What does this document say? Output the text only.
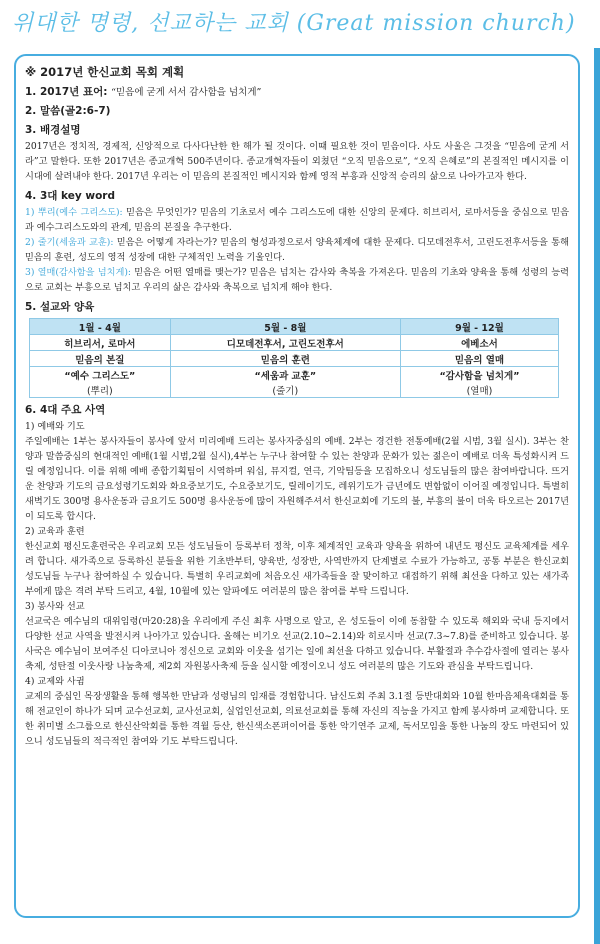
위대한 명령, 선교하는 교회 (Great mission church)
※ 2017년 한신교회 목회 계획
1. 2017년 표어: “믿음에 굳게 서서 감사함을 넘치게”
2. 말씀(골2:6-7)
3. 배경설명

2017년은 정치적, 경제적, 신앙적으로 다사다난한 한 해가 될 것이다. 이때 필요한 것이 믿음이다. 사도 사울은 그것을 “믿음에 굳게 서라”고 말한다. 또한 2017년은 종교개혁 500주년이다. 종교개혁자들이 외쳤던 “오직 믿음으로”, “오직 은혜로”의 본질적인 메시지를 이 시대에 살려내야 한다. 2017년 우리는 이 믿음의 본질적인 메시지와 함께 영적 부흥과 신앙적 승리의 삶으로 나아가고자 한다.

4. 3대 key word

1) 뿌리(예수 그리스도): 믿음은 무엇인가? 믿음의 기초로서 예수 그리스도에 대한 신앙의 문제다. 히브리서, 로마서등을 중심으로 믿음과 예수그리스도와의 관계, 믿음의 본질을 추구한다.

2) 줄기(세움과 교훈): 믿음은 어떻게 자라는가? 믿음의 형성과정으로서 양육체계에 대한 문제다. 디모데전후서, 고린도전후서등을 통해 믿음의 훈련, 성도의 영적 성장에 대한 구체적인 노력을 기울인다.

3) 열매(감사함을 넘치게): 믿음은 어떤 열매를 맺는가? 믿음은 넘치는 감사와 축복을 가져온다. 믿음의 기초와 양육을 통해 성령의 능력으로 교회는 부흥으로 넘치고 우리의 삶은 감사와 축복으로 넘치게 해야 한다.

5. 설교와 양육
1월 - 4월	5월 - 8월	9월 - 12월
히브리서, 로마서	디모데전후서, 고린도전후서	에베소서
믿음의 본질	믿음의 훈련	믿음의 열매
“예수 그리스도”	“세움과 교훈”	“감사함을 넘치게”
(뿌리)	(줄기)	(열매)
6. 4대 주요 사역
1) 예배와 기도

주일예배는 1부는 봉사자들이 봉사에 앞서 미리예배 드리는 봉사자중심의 예배. 2부는 경건한 전통예배(2월 시범, 3월 실시). 3부는 찬양과 말씀중심의 현대적인 예배(1월 시범,2월 실시),4부는 누구나 참여할 수 있는 찬양과 문화가 있는 젊은이 예배로 더욱 특성화시켜 드릴 예정입니다. 이를 위해 예배 종합기획팀이 시역하며 워십, 뮤지컬, 연극, 기악팀등을 모집하오니 성도님들의 많은 참여바랍니다. 뜨거운 찬양과 기도의 금요성령기도회와 화요중보기도, 수요중보기도, 릴레이기도, 레위기도가 금년에도 변함없이 이어질 예정입니다. 특별히 새벽기도 300명 용사운동과 금요기도 500명 용사운동에 많이 자원해주셔서 한신교회에 기도의 불, 부흥의 불이 더욱 타오르는 2017년이 되도록 합시다.

2) 교육과 훈련

한신교회 평신도훈련국은 우리교회 모든 성도님들이 등록부터 정착, 이후 체계적인 교육과 양육을 위하여 내년도 평신도 교육체계를 세우려 합니다. 새가족으로 등록하신 분들을 위한 기초반부터, 양육반, 성장반, 사역반까지 단계별로 수료가 가능하고, 공통 부분은 한신교회 성도님들 누구나 참여하실 수 있습니다. 특별히 우리교회에 처음오신 새가족들을 잘 맞이하고 대접하기 위해 최선을 다하고 있는 새가족부에게 많은 격려 부탁 드리고, 4월, 10월에 있는 알파에도 여러분의 많은 참여를 부탁 드립니다.

3) 봉사와 선교

선교국은 예수님의 대위임령(마20:28)을 우리에게 주신 최후 사명으로 알고, 온 성도들이 이에 동참할 수 있도록 해외와 국내 등지에서 다양한 선교 사역을 발전시켜 나아가고 있습니다. 올해는 비기오 선교(2.10~2.14)와 히로시마 선교(7.3~7.8)를 준비하고 있습니다. 봉사국은 예수님이 보여주신 디아코니아 정신으로 교회와 이웃을 섬기는 일에 최선을 다하고 있습니다. 부활절과 추수감사절에 열리는 봉사축제, 성탄절 이웃사랑 나눔축제, 제2회 자원봉사축제 등을 실시할 예정이오니 성도 여러분의 많은 기도와 관심을 부탁드립니다.

4) 교제와 사귐

교제의 중심인 목장생활을 통해 행복한 만남과 성령님의 임재를 경험합니다. 남신도회 주최 3.1절 등반대회와 10월 한마음체육대회를 통해 전교인이 하나가 되며 교수선교회, 교사선교회, 실업인선교회, 의료선교회를 통해 자신의 직능을 가지고 함께 봉사하며 교제합니다. 또한 취미별 소그룹으로 한신산악회를 통한 격월 등산, 한신색소폰퍼이어를 통한 악기연주 교제, 독서모임을 통한 나눔의 장도 마련되어 있으니 성도님들의 적극적인 참여와 기도 부탁드립니다.
